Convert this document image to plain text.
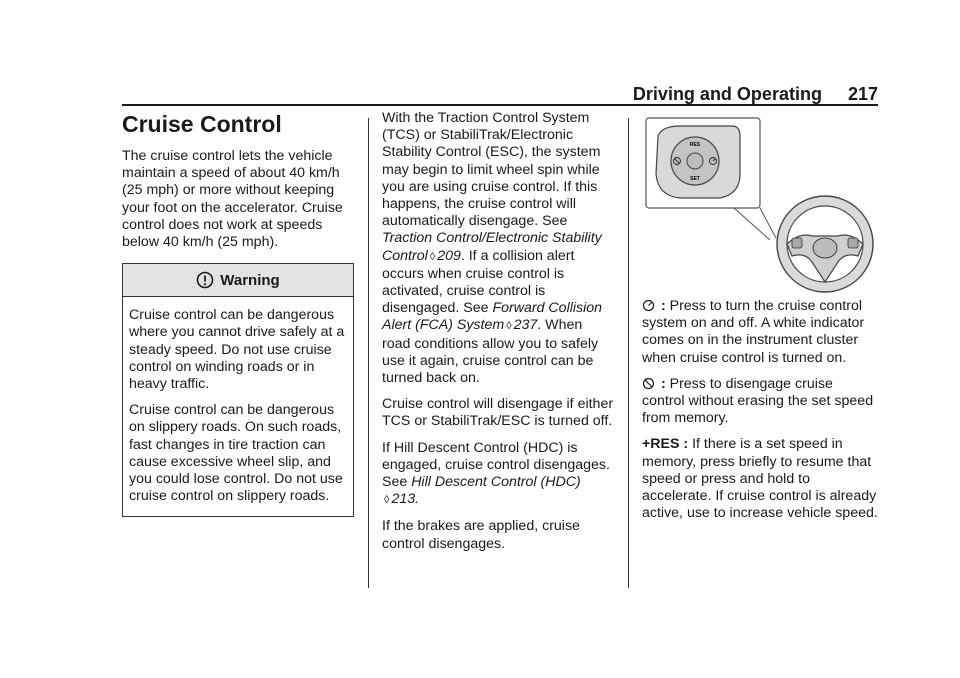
Driving and Operating 217
Cruise Control

The cruise control lets the vehicle maintain a speed of about 40 km/h (25 mph) or more without keeping your foot on the accelerator. Cruise control does not work at speeds below 40 km/h (25 mph).

Warning

Cruise control can be dangerous where you cannot drive safely at a steady speed. Do not use cruise control on winding roads or in heavy traffic.

Cruise control can be dangerous on slippery roads. On such roads, fast changes in tire traction can cause excessive wheel slip, and you could lose control. Do not use cruise control on slippery roads.

With the Traction Control System (TCS) or StabiliTrak/Electronic Stability Control (ESC), the system may begin to limit wheel spin while you are using cruise control. If this happens, the cruise control will automatically disengage. See Traction Control/Electronic Stability Control ◊ 209. If a collision alert occurs when cruise control is activated, cruise control is disengaged. See Forward Collision Alert (FCA) System ◊ 237. When road conditions allow you to safely use it again, cruise control can be turned back on.

Cruise control will disengage if either TCS or StabiliTrak/ESC is turned off.

If Hill Descent Control (HDC) is engaged, cruise control disengages. See Hill Descent Control (HDC)
◊ 213.

If the brakes are applied, cruise control disengages.

RES
SET

: Press to turn the cruise control system on and off. A white indicator comes on in the instrument cluster when cruise control is turned on.

: Press to disengage cruise control without erasing the set speed from memory.

+RES : If there is a set speed in memory, press briefly to resume that speed or press and hold to accelerate. If cruise control is already active, use to increase vehicle speed.
